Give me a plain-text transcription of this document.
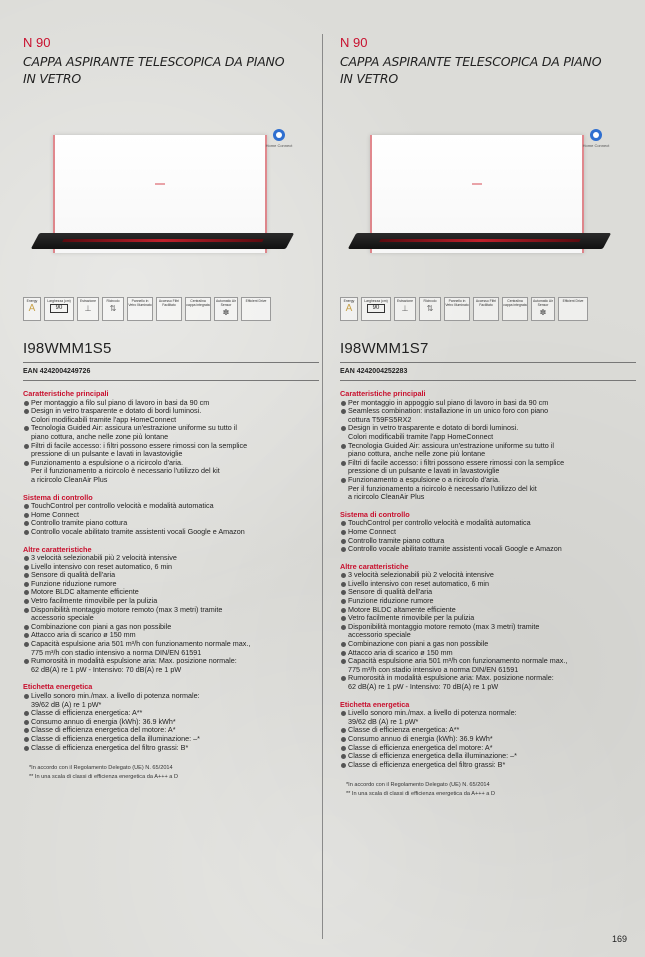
N 90
CAPPA ASPIRANTE TELESCOPICA DA PIANO
IN VETRO
Home Connect
Energy
A
Larghezza (cm)
90
Estrazione
⊥
Ricircolo
⇅
Pannello in Vetro Illuminato
Accesso Filtri Facilitato
Centralina cappa integrata
Automatic Air Sensor
✽
Efficient Drive
I98WMM1S5
EAN 4242004249726
Caratteristiche principali
Per montaggio a filo sul piano di lavoro in basi da 90 cm
Design in vetro trasparente e dotato di bordi luminosi.
Colori modificabili tramite l'app HomeConnect
Tecnologia Guided Air: assicura un'estrazione uniforme su tutto il
piano cottura, anche nelle zone più lontane
Filtri di facile accesso: i filtri possono essere rimossi con la semplice
pressione di un pulsante e lavati in lavastoviglie
Funzionamento a espulsione o a ricircolo d'aria.
Per il funzionamento a ricircolo è necessario l'utilizzo del kit
a ricircolo CleanAir Plus
Sistema di controllo
TouchControl per controllo velocità e modalità automatica
Home Connect
Controllo tramite piano cottura
Controllo vocale abilitato tramite assistenti vocali Google e Amazon
Altre caratteristiche
3 velocità selezionabili più 2 velocità intensive
Livello intensivo con reset automatico, 6 min
Sensore di qualità dell'aria
Funzione riduzione rumore
Motore BLDC altamente efficiente
Vetro facilmente rimovibile per la pulizia
Disponibilità montaggio motore remoto (max 3 metri) tramite
accessorio speciale
Combinazione con piani a gas non possibile
Attacco aria di scarico ø 150 mm
Capacità espulsione aria 501 m³/h con funzionamento normale max.,
775 m³/h con stadio intensivo a norma DIN/EN 61591
Rumorosità in modalità espulsione aria: Max. posizione normale:
62 dB(A) re 1 pW - Intensivo: 70 dB(A) re 1 pW
Etichetta energetica
Livello sonoro min./max. a livello di potenza normale:
39/62 dB (A) re 1 pW*
Classe di efficienza energetica: A**
Consumo annuo di energia (kWh): 36.9 kWh*
Classe di efficienza energetica del motore: A*
Classe di efficienza energetica della illuminazione: –*
Classe di efficienza energetica del filtro grassi: B*
*In accordo con il Regolamento Delegato (UE) N. 65/2014
** In una scala di classi di efficienza energetica da A+++ a D
N 90
CAPPA ASPIRANTE TELESCOPICA DA PIANO
IN VETRO
Home Connect
Energy
A
Larghezza (cm)
90
Estrazione
⊥
Ricircolo
⇅
Pannello in Vetro Illuminato
Accesso Filtri Facilitato
Centralina cappa integrata
Automatic Air Sensor
✽
Efficient Drive
I98WMM1S7
EAN 4242004252283
Caratteristiche principali
Per montaggio in appoggio sul piano di lavoro in basi da 90 cm
Seamless combination: installazione in un unico foro con piano
cottura T59FS5RX2
Design in vetro trasparente e dotato di bordi luminosi.
Colori modificabili tramite l'app HomeConnect
Tecnologia Guided Air: assicura un'estrazione uniforme su tutto il
piano cottura, anche nelle zone più lontane
Filtri di facile accesso: i filtri possono essere rimossi con la semplice
pressione di un pulsante e lavati in lavastoviglie
Funzionamento a espulsione o a ricircolo d'aria.
Per il funzionamento a ricircolo è necessario l'utilizzo del kit
a ricircolo CleanAir Plus
Sistema di controllo
TouchControl per controllo velocità e modalità automatica
Home Connect
Controllo tramite piano cottura
Controllo vocale abilitato tramite assistenti vocali Google e Amazon
Altre caratteristiche
3 velocità selezionabili più 2 velocità intensive
Livello intensivo con reset automatico, 6 min
Sensore di qualità dell'aria
Funzione riduzione rumore
Motore BLDC altamente efficiente
Vetro facilmente rimovibile per la pulizia
Disponibilità montaggio motore remoto (max 3 metri) tramite
accessorio speciale
Combinazione con piani a gas non possibile
Attacco aria di scarico ø 150 mm
Capacità espulsione aria 501 m³/h con funzionamento normale max.,
775 m³/h con stadio intensivo a norma DIN/EN 61591
Rumorosità in modalità espulsione aria: Max. posizione normale:
62 dB(A) re 1 pW - Intensivo: 70 dB(A) re 1 pW
Etichetta energetica
Livello sonoro min./max. a livello di potenza normale:
39/62 dB (A) re 1 pW*
Classe di efficienza energetica: A**
Consumo annuo di energia (kWh): 36.9 kWh*
Classe di efficienza energetica del motore: A*
Classe di efficienza energetica della illuminazione: –*
Classe di efficienza energetica del filtro grassi: B*
*In accordo con il Regolamento Delegato (UE) N. 65/2014
** In una scala di classi di efficienza energetica da A+++ a D
169
